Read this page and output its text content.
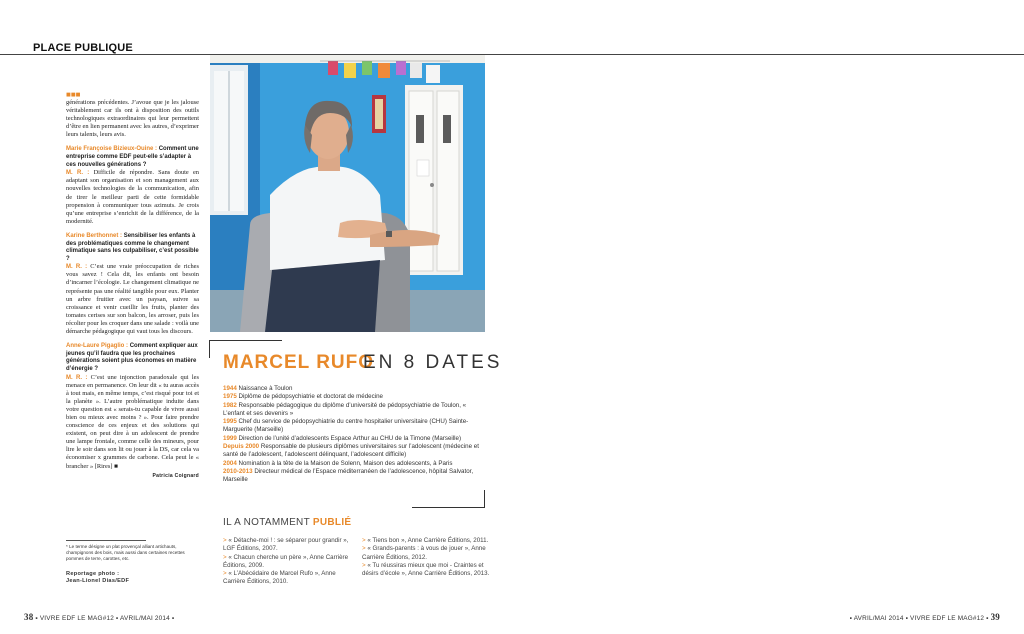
PLACE PUBLIQUE
■■■
générations précédentes. J’avoue que je les jalouse véritablement car ils ont à disposition des outils technologiques extraordinaires qui leur permettent d’être en lien permanent avec les autres, d’exprimer leurs talents, leurs avis.
Marie Françoise Bizieux-Ouine : Comment une entreprise comme EDF peut-elle s’adapter à ces nouvelles générations ?
M. R. : Difficile de répondre. Sans doute en adaptant son organisation et son management aux nouvelles technologies de la communication, afin de tirer le meilleur parti de cette formidable propension à communiquer tous azimuts. Je crois qu’une entreprise s’enrichit de la différence, de la modernité.
Karine Berthonnet : Sensibiliser les enfants à des problématiques comme le changement climatique sans les culpabiliser, c’est possible ?
M. R. : C’est une vraie préoccupation de riches vous savez ! Cela dit, les enfants ont besoin d’incarner l’écologie. Le changement climatique ne représente pas une réalité tangible pour eux. Planter un arbre fruitier avec un paysan, suivre sa croissance et venir cueillir les fruits, planter des tomates cerises sur son balcon, les arroser, puis les récolter pour les croquer dans une salade : voilà une démarche pédagogique qui vaut tous les discours.
Anne-Laure Pigaglio : Comment expliquer aux jeunes qu’il faudra que les prochaines générations soient plus économes en matière d’énergie ?
M. R. : C’est une injonction paradoxale qui les menace en permanence. On leur dit « tu auras accès à tout mais, en même temps, c’est risqué pour toi et la planète ». L’autre problématique induite dans votre question est « serais-tu capable de vivre aussi bien ou mieux avec moins ? ». Pour faire prendre conscience de ces enjeux et des solutions qui existent, on peut dire à un adolescent de prendre une lampe frontale, comme celle des mineurs, pour lire le soir dans son lit ou jouer à la DS, car cela va économiser x grammes de carbone. Cela peut le « brancher » [Rires] ■
Patricia Coignard
* Le terme désigne un plat provençal alliant artichauts, champignons des bois, mais aussi dans certaines recettes pommes de terre, carottes, etc.
Reportage photo :
Jean-Lionel Dias/EDF
MARCEL RUFO
EN 8 DATES
1944 Naissance à Toulon
1975 Diplôme de pédopsychiatrie et doctorat de médecine
1982 Responsable pédagogique du diplôme d’université de pédopsychiatrie de Toulon, « L’enfant et ses devenirs »
1995 Chef du service de pédopsychiatrie du centre hospitalier universitaire (CHU) Sainte-Marguerite (Marseille)
1999 Direction de l’unité d’adolescents Espace Arthur au CHU de la Timone (Marseille)
Depuis 2000 Responsable de plusieurs diplômes universitaires sur l’adolescent (médecine et santé de l’adolescent, l’adolescent délinquant, l’adolescent difficile)
2004 Nomination à la tête de la Maison de Solenn, Maison des adolescents, à Paris
2010-2013 Directeur médical de l’Espace méditerranéen de l’adolescence, hôpital Salvator, Marseille
IL A NOTAMMENT PUBLIÉ
> « Détache-moi ! : se séparer pour grandir », LGF Éditions, 2007.
> « Chacun cherche un père », Anne Carrière Éditions, 2009.
> « L’Abécédaire de Marcel Rufo », Anne Carrière Éditions, 2010.
> « Tiens bon », Anne Carrière Éditions, 2011.
> « Grands-parents : à vous de jouer », Anne Carrière Éditions, 2012.
> « Tu réussiras mieux que moi - Craintes et désirs d’école », Anne Carrière Éditions, 2013.
38 ▪ VIVRE EDF LE MAG#12 ▪ AVRIL/MAI 2014 ▪	▪ AVRIL/MAI 2014 ▪ VIVRE EDF LE MAG#12 ▪ 39
